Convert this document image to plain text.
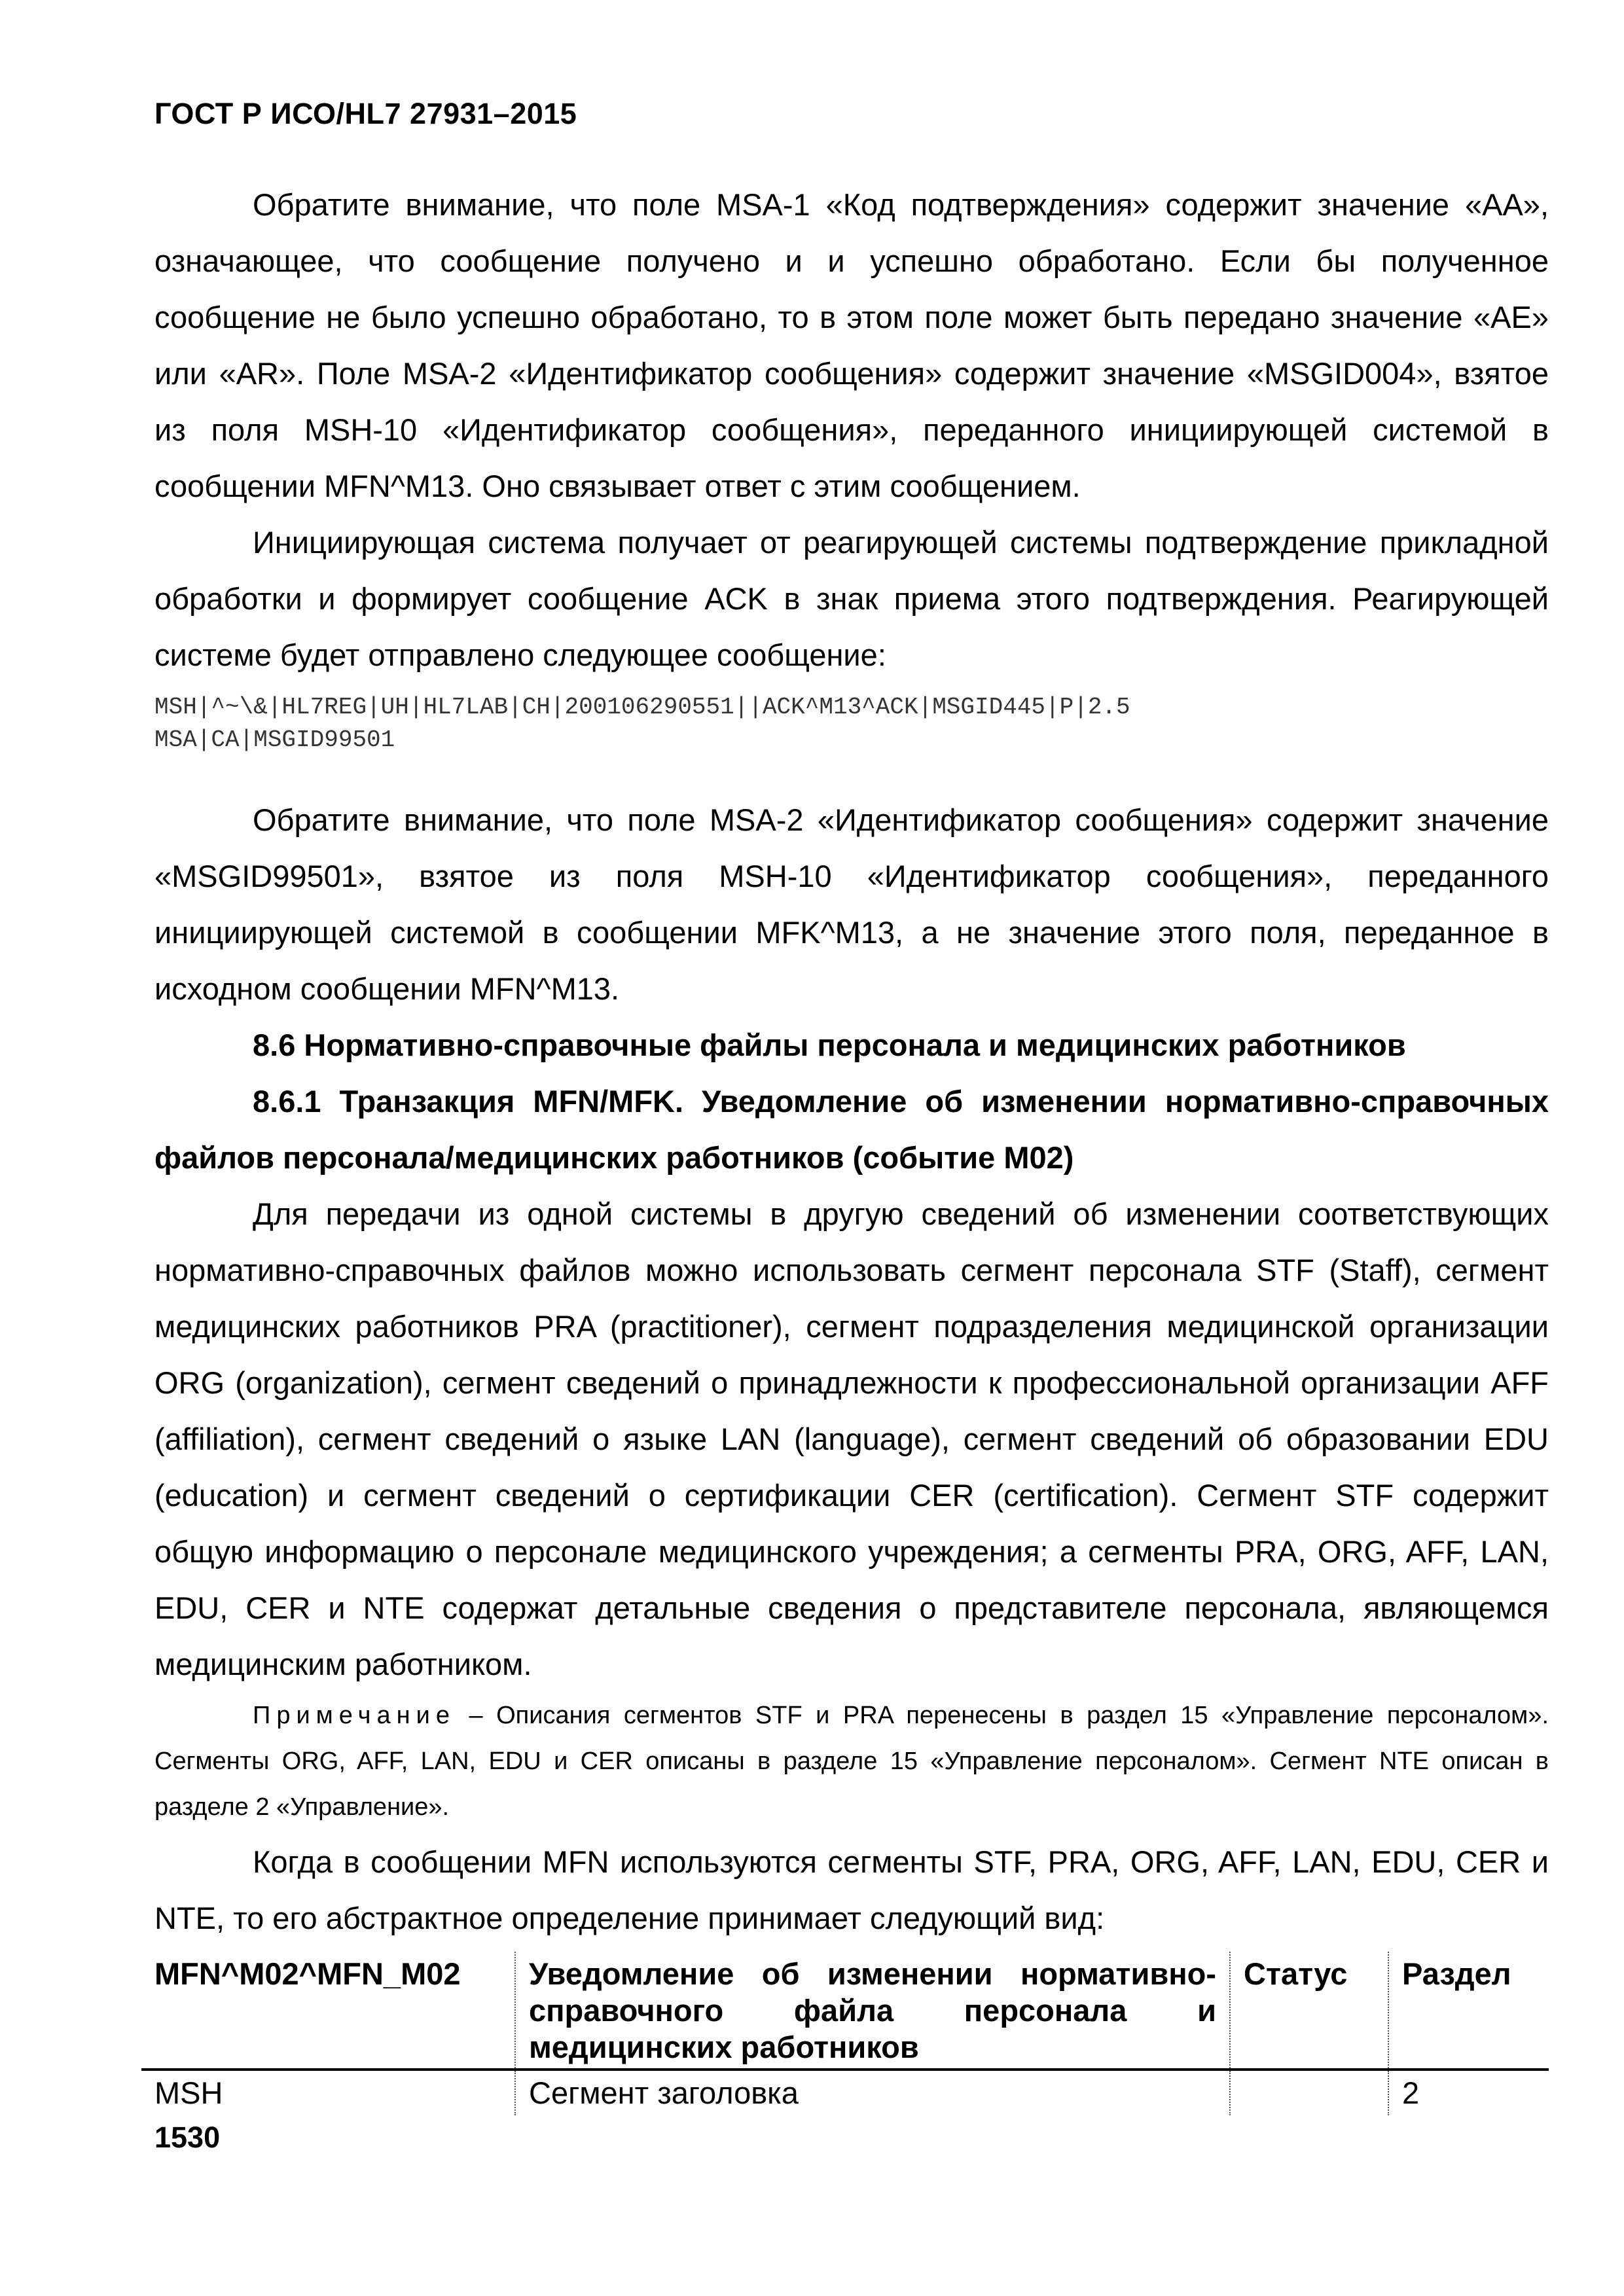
ГОСТ Р ИСО/HL7 27931–2015

Обратите внимание, что поле MSA-1 «Код подтверждения» содержит значение «AA», означающее, что сообщение получено и и успешно обработано. Если бы полученное сообщение не было успешно обработано, то в этом поле может быть передано значение «AE» или «AR». Поле MSA-2 «Идентификатор сообщения» содержит значение «MSGID004», взятое из поля MSH-10 «Идентификатор сообщения», переданного инициирующей системой в сообщении MFN^M13. Оно связывает ответ с этим сообщением.

Инициирующая система получает от реагирующей системы подтверждение прикладной обработки и формирует сообщение ACK в знак приема этого подтверждения. Реагирующей системе будет отправлено следующее сообщение:

MSH|^~\&|HL7REG|UH|HL7LAB|CH|200106290551||ACK^M13^ACK|MSGID445|P|2.5
MSA|CA|MSGID99501

Обратите внимание, что поле MSA-2 «Идентификатор сообщения» содержит значение «MSGID99501», взятое из поля MSH-10 «Идентификатор сообщения», переданного инициирующей системой в сообщении MFK^M13, а не значение этого поля, переданное в исходном сообщении MFN^M13.

8.6 Нормативно-справочные файлы персонала и медицинских работников

8.6.1 Транзакция MFN/MFK. Уведомление об изменении нормативно-справочных файлов персонала/медицинских работников (событие M02)

Для передачи из одной системы в другую сведений об изменении соответствующих нормативно-справочных файлов можно использовать сегмент персонала STF (Staff), сегмент медицинских работников PRA (practitioner), сегмент подразделения медицинской организации ORG (organization), сегмент сведений о принадлежности к профессиональной организации AFF (affiliation), сегмент сведений о языке LAN (language), сегмент сведений об образовании EDU (education) и сегмент сведений о сертификации CER (certification). Сегмент STF содержит общую информацию о персонале медицинского учреждения; а сегменты PRA, ORG, AFF, LAN, EDU, CER и NTE содержат детальные сведения о представителе персонала, являющемся медицинским работником.

Примечание – Описания сегментов STF и PRA перенесены в раздел 15 «Управление персоналом». Сегменты ORG, AFF, LAN, EDU и CER описаны в разделе 15 «Управление персоналом». Сегмент NTE описан в разделе 2 «Управление».

Когда в сообщении MFN используются сегменты STF, PRA, ORG, AFF, LAN, EDU, CER и NTE, то его абстрактное определение принимает следующий вид:

MFN^M02^MFN_M02	Уведомление об изменении нормативно-справочного файла персонала и медицинских работников	Статус	Раздел
MSH	Сегмент заголовка		2
1530
